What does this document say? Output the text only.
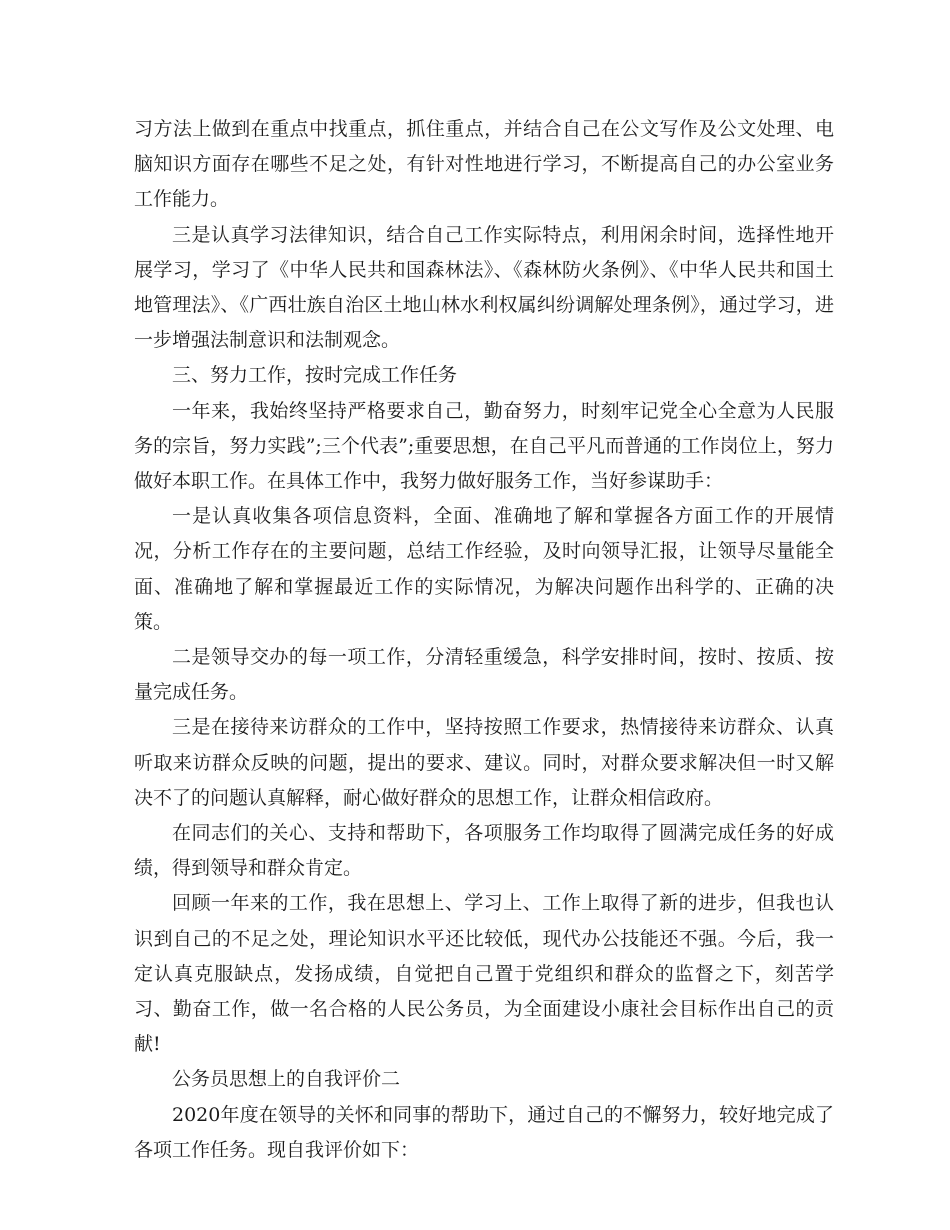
习方法上做到在重点中找重点，抓住重点，并结合自己在公文写作及公文处理、电脑知识方面存在哪些不足之处，有针对性地进行学习，不断提高自己的办公室业务工作能力。

三是认真学习法律知识，结合自己工作实际特点，利用闲余时间，选择性地开展学习，学习了《中华人民共和国森林法》、《森林防火条例》、《中华人民共和国土地管理法》、《广西壮族自治区土地山林水利权属纠纷调解处理条例》，通过学习，进一步增强法制意识和法制观念。

三、努力工作，按时完成工作任务

一年来，我始终坚持严格要求自己，勤奋努力，时刻牢记党全心全意为人民服务的宗旨，努力实践”;三个代表”;重要思想，在自己平凡而普通的工作岗位上，努力做好本职工作。在具体工作中，我努力做好服务工作，当好参谋助手：

一是认真收集各项信息资料，全面、准确地了解和掌握各方面工作的开展情况，分析工作存在的主要问题，总结工作经验，及时向领导汇报，让领导尽量能全面、准确地了解和掌握最近工作的实际情况，为解决问题作出科学的、正确的决策。

二是领导交办的每一项工作，分清轻重缓急，科学安排时间，按时、按质、按量完成任务。

三是在接待来访群众的工作中，坚持按照工作要求，热情接待来访群众、认真听取来访群众反映的问题，提出的要求、建议。同时，对群众要求解决但一时又解决不了的问题认真解释，耐心做好群众的思想工作，让群众相信政府。

在同志们的关心、支持和帮助下，各项服务工作均取得了圆满完成任务的好成绩，得到领导和群众肯定。

回顾一年来的工作，我在思想上、学习上、工作上取得了新的进步，但我也认识到自己的不足之处，理论知识水平还比较低，现代办公技能还不强。今后，我一定认真克服缺点，发扬成绩，自觉把自己置于党组织和群众的监督之下，刻苦学习、勤奋工作，做一名合格的人民公务员，为全面建设小康社会目标作出自己的贡献!

公务员思想上的自我评价二

2020年度在领导的关怀和同事的帮助下，通过自己的不懈努力，较好地完成了各项工作任务。现自我评价如下：
